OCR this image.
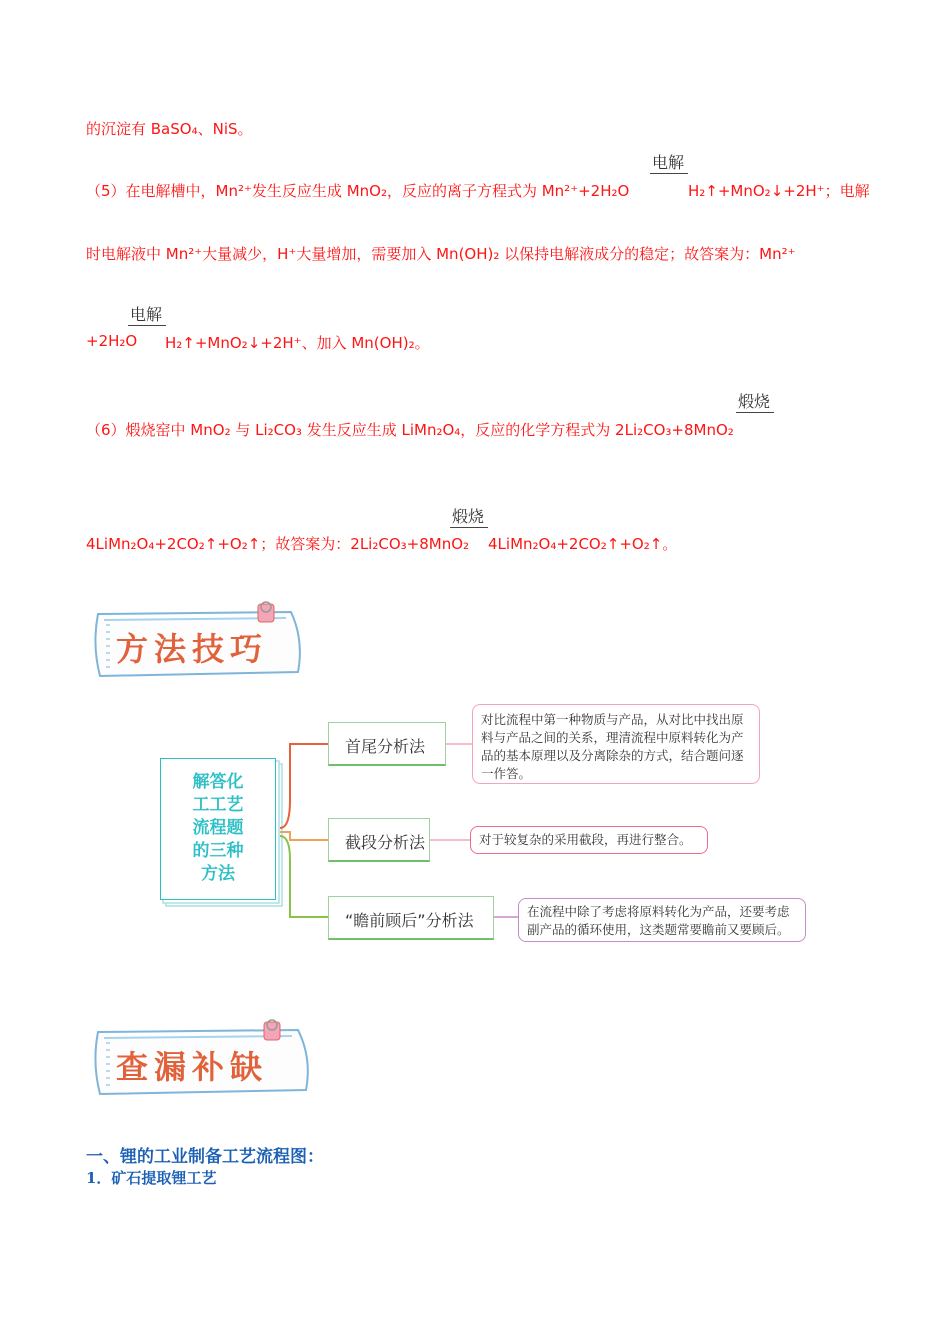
的沉淀有 BaSO₄、NiS。
电解
（5）在电解槽中，Mn²⁺发生反应生成 MnO₂，反应的离子方程式为 Mn²⁺+2H₂O	H₂↑+MnO₂↓+2H⁺；电解
时电解液中 Mn²⁺大量减少，H⁺大量增加，需要加入 Mn(OH)₂ 以保持电解液成分的稳定；故答案为：Mn²⁺
电解
+2H₂O H₂↑+MnO₂↓+2H⁺、加入 Mn(OH)₂。
煅烧
（6）煅烧窑中 MnO₂ 与 Li₂CO₃ 发生反应生成 LiMn₂O₄，反应的化学方程式为 2Li₂CO₃+8MnO₂
煅烧
4LiMn₂O₄+2CO₂↑+O₂↑；故答案为：2Li₂CO₃+8MnO₂ 4LiMn₂O₄+2CO₂↑+O₂↑。
方法技巧
解答化
工工艺
流程题
的三种
方法
首尾分析法
对比流程中第一种物质与产品，从对比中找出原料与产品之间的关系，理清流程中原料转化为产品的基本原理以及分离除杂的方式，结合题问逐一作答。
截段分析法	对于较复杂的采用截段，再进行整合。
“瞻前顾后”分析法	在流程中除了考虑将原料转化为产品，还要考虑副产品的循环使用，这类题常要瞻前又要顾后。
查漏补缺
一、锂的工业制备工艺流程图：
1．矿石提取锂工艺
